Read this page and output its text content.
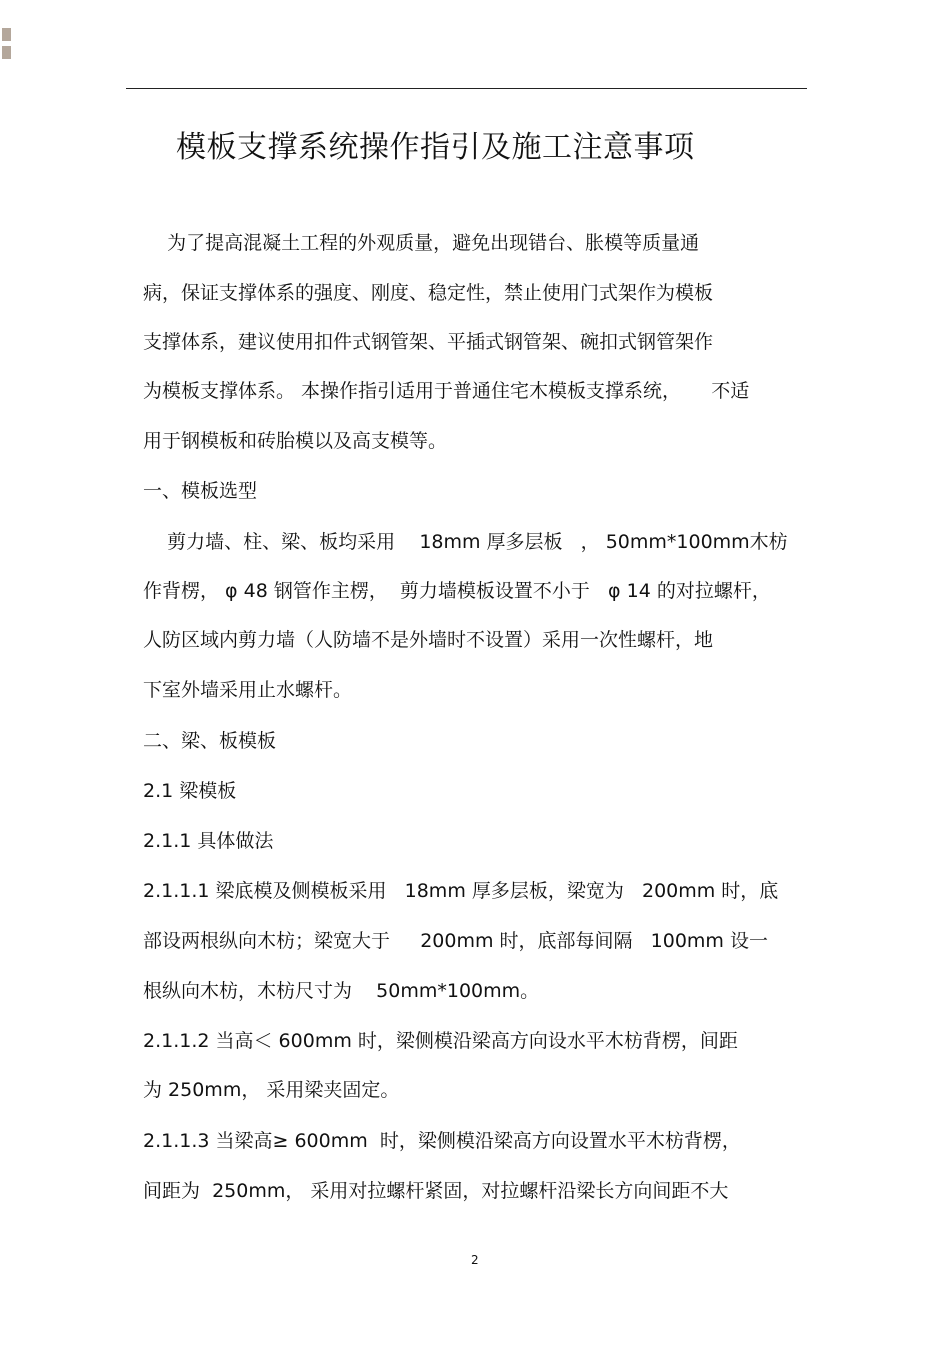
模板支撑系统操作指引及施工注意事项
为了提高混凝土工程的外观质量，避免出现错台、胀模等质量通
病，保证支撑体系的强度、刚度、稳定性，禁止使用门式架作为模板
支撑体系，建议使用扣件式钢管架、平插式钢管架、碗扣式钢管架作
为模板支撑体系。 本操作指引适用于普通住宅木模板支撑系统，     不适
用于钢模板和砖胎模以及高支模等。
一、模板选型
剪力墙、柱、梁、板均采用    18mm 厚多层板   ， 50mm*100mm木枋
作背楞， φ 48 钢管作主楞，  剪力墙模板设置不小于   φ 14 的对拉螺杆，
人防区域内剪力墙（人防墙不是外墙时不设置）采用一次性螺杆，地
下室外墙采用止水螺杆。
二、梁、板模板
2.1 梁模板
2.1.1 具体做法
2.1.1.1 梁底模及侧模板采用   18mm 厚多层板，梁宽为   200mm 时，底
部设两根纵向木枋；梁宽大于     200mm 时，底部每间隔   100mm 设一
根纵向木枋，木枋尺寸为    50mm*100mm。
2.1.1.2 当高＜ 600mm 时，梁侧模沿梁高方向设水平木枋背楞，间距
为 250mm， 采用梁夹固定。
2.1.1.3 当梁高≥ 600mm  时，梁侧模沿梁高方向设置水平木枋背楞，
间距为  250mm， 采用对拉螺杆紧固，对拉螺杆沿梁长方向间距不大
2
